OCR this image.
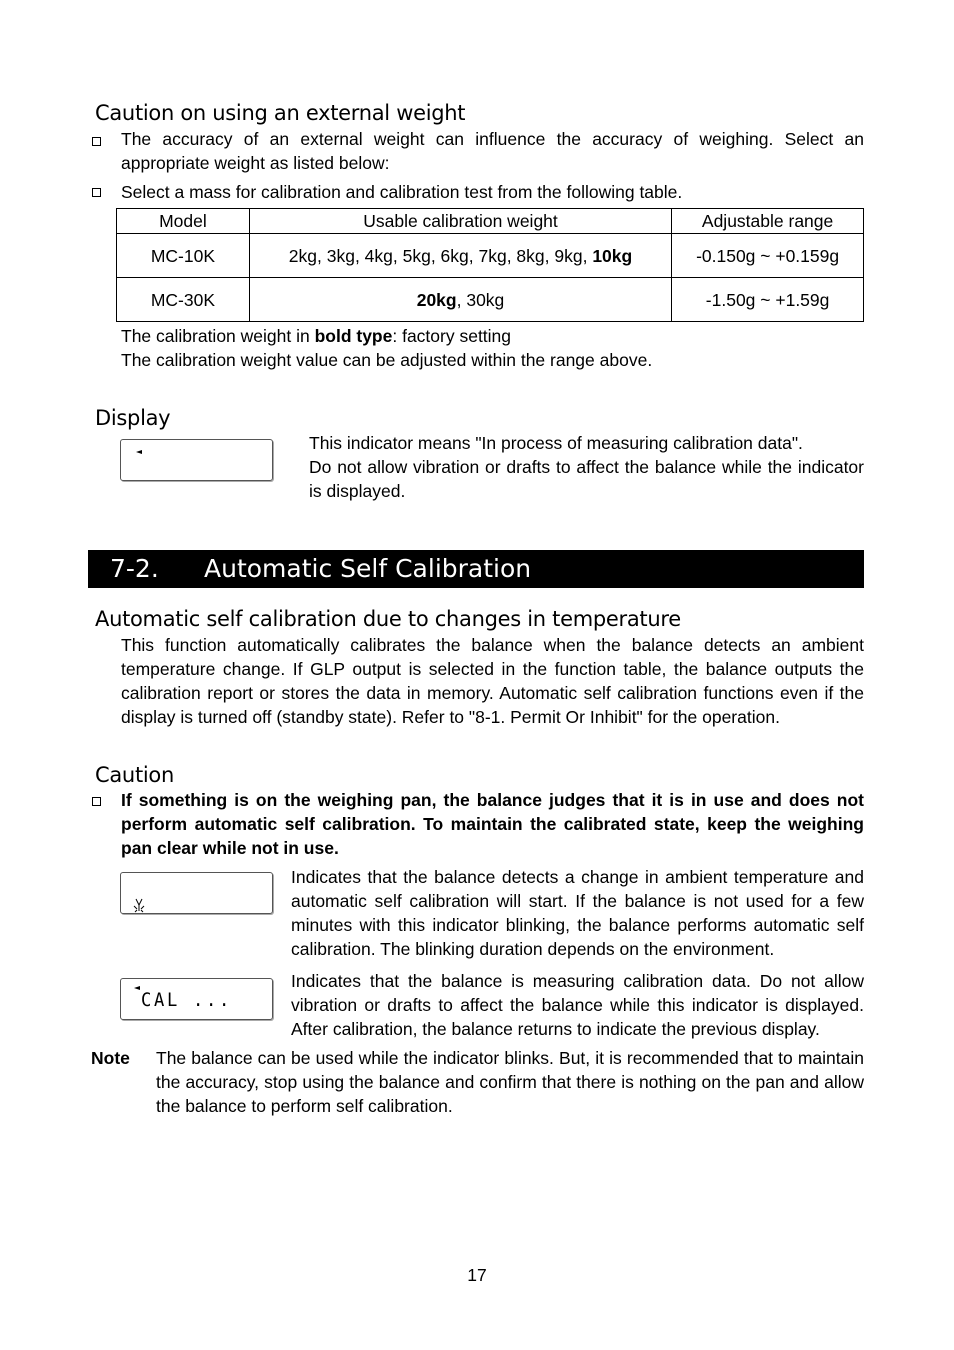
Caution on using an external weight
The accuracy of an external weight can influence the accuracy of weighing. Select an appropriate weight as listed below:
Select a mass for calibration and calibration test from the following table.
Model	Usable calibration weight	Adjustable range
MC-10K	2kg, 3kg, 4kg, 5kg, 6kg, 7kg, 8kg, 9kg, 10kg	-0.150g ~ +0.159g
MC-30K	20kg, 30kg	-1.50g ~ +1.59g
The calibration weight in bold type: factory setting
The calibration weight value can be adjusted within the range above.
Display
This indicator means "In process of measuring calibration data".
Do not allow vibration or drafts to affect the balance while the indicator is displayed.
7-2. Automatic Self Calibration
Automatic self calibration due to changes in temperature
This function automatically calibrates the balance when the balance detects an ambient temperature change. If GLP output is selected in the function table, the balance outputs the calibration report or stores the data in memory. Automatic self calibration functions even if the display is turned off (standby state). Refer to "8-1. Permit Or Inhibit" for the operation.
Caution
If something is on the weighing pan, the balance judges that it is in use and does not perform automatic self calibration. To maintain the calibrated state, keep the weighing pan clear while not in use.
Indicates that the balance detects a change in ambient temperature and automatic self calibration will start. If the balance is not used for a few minutes with this indicator blinking, the balance performs automatic self calibration. The blinking duration depends on the environment.
CAL ...
Indicates that the balance is measuring calibration data. Do not allow vibration or drafts to affect the balance while this indicator is displayed. After calibration, the balance returns to indicate the previous display.
Note The balance can be used while the indicator blinks. But, it is recommended that to maintain the accuracy, stop using the balance and confirm that there is nothing on the pan and allow the balance to perform self calibration.
17
